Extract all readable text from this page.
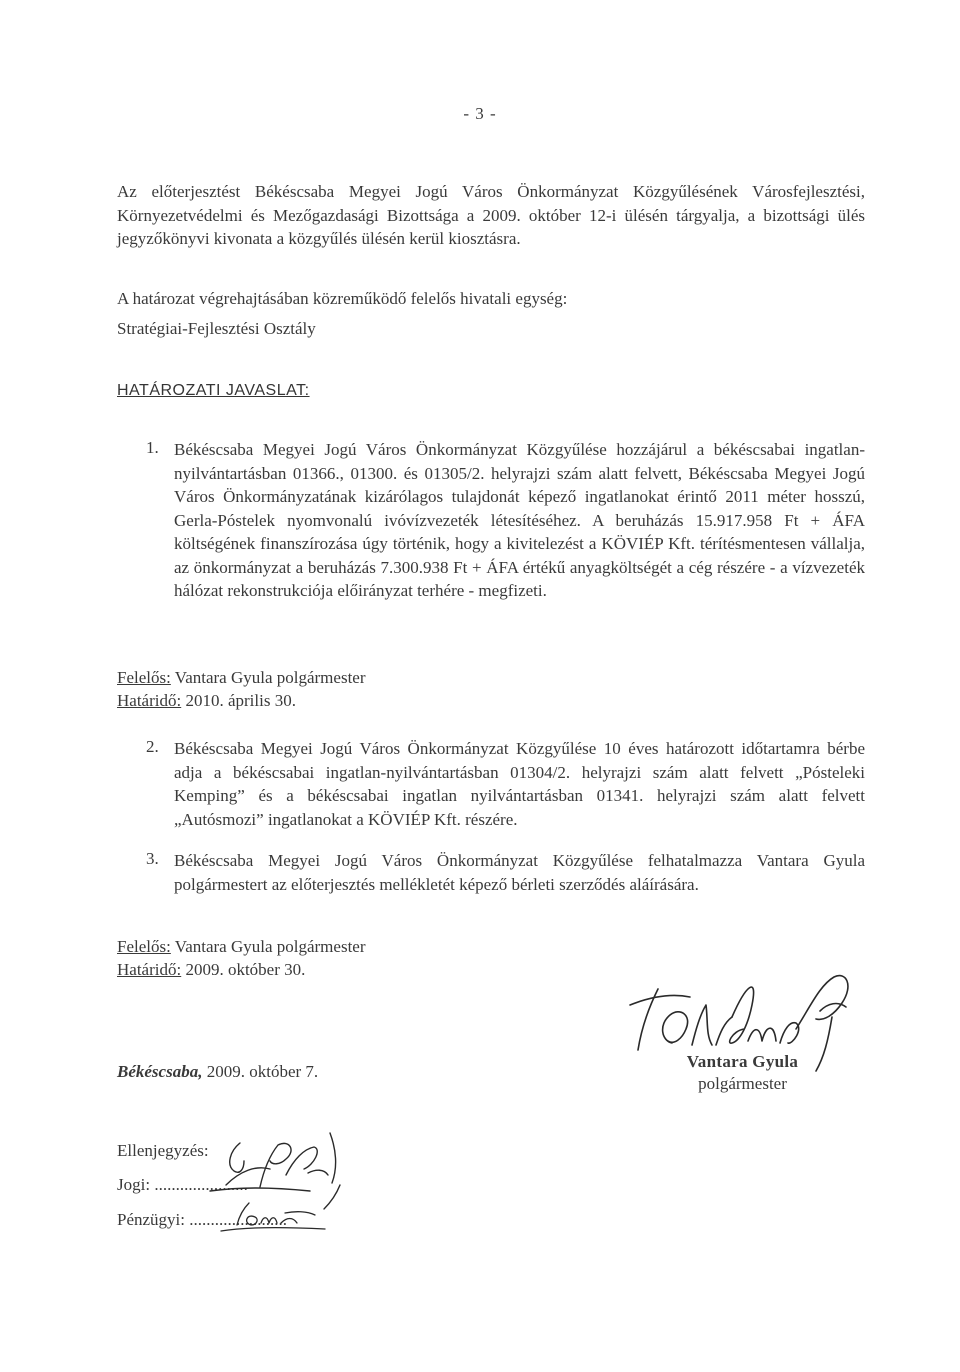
- 3 -
Az előterjesztést Békéscsaba Megyei Jogú Város Önkormányzat Közgyűlésének Városfejlesztési, Környezetvédelmi és Mezőgazdasági Bizottsága a 2009. október 12-i ülésén tárgyalja, a bizottsági ülés jegyzőkönyvi kivonata a közgyűlés ülésén kerül kiosztásra.
A határozat végrehajtásában közreműködő felelős hivatali egység:
Stratégiai-Fejlesztési Osztály
HATÁROZATI JAVASLAT:
1. Békéscsaba Megyei Jogú Város Önkormányzat Közgyűlése hozzájárul a békéscsabai ingatlan-nyilvántartásban 01366., 01300. és 01305/2. helyrajzi szám alatt felvett, Békéscsaba Megyei Jogú Város Önkormányzatának kizárólagos tulajdonát képező ingatlanokat érintő 2011 méter hosszú, Gerla-Póstelek nyomvonalú ivóvízvezeték létesítéséhez. A beruházás 15.917.958 Ft + ÁFA költségének finanszírozása úgy történik, hogy a kivitelezést a KÖVIÉP Kft. térítésmentesen vállalja, az önkormányzat a beruházás 7.300.938 Ft + ÁFA értékű anyagköltségét a cég részére - a vízvezeték hálózat rekonstrukciója előirányzat terhére - megfizeti.
Felelős: Vantara Gyula polgármester
Határidő: 2010. április 30.
2. Békéscsaba Megyei Jogú Város Önkormányzat Közgyűlése 10 éves határozott időtartamra bérbe adja a békéscsabai ingatlan-nyilvántartásban 01304/2. helyrajzi szám alatt felvett „Pósteleki Kemping” és a békéscsabai ingatlan nyilvántartásban 01341. helyrajzi szám alatt felvett „Autósmozi” ingatlanokat a KÖVIÉP Kft. részére.
3. Békéscsaba Megyei Jogú Város Önkormányzat Közgyűlése felhatalmazza Vantara Gyula polgármestert az előterjesztés mellékletét képező bérleti szerződés aláírására.
Felelős: Vantara Gyula polgármester
Határidő: 2009. október 30.
Békéscsaba, 2009. október 7.
Vantara Gyula
polgármester
Ellenjegyzés:
Jogi: ......................
Pénzügyi: .......................
